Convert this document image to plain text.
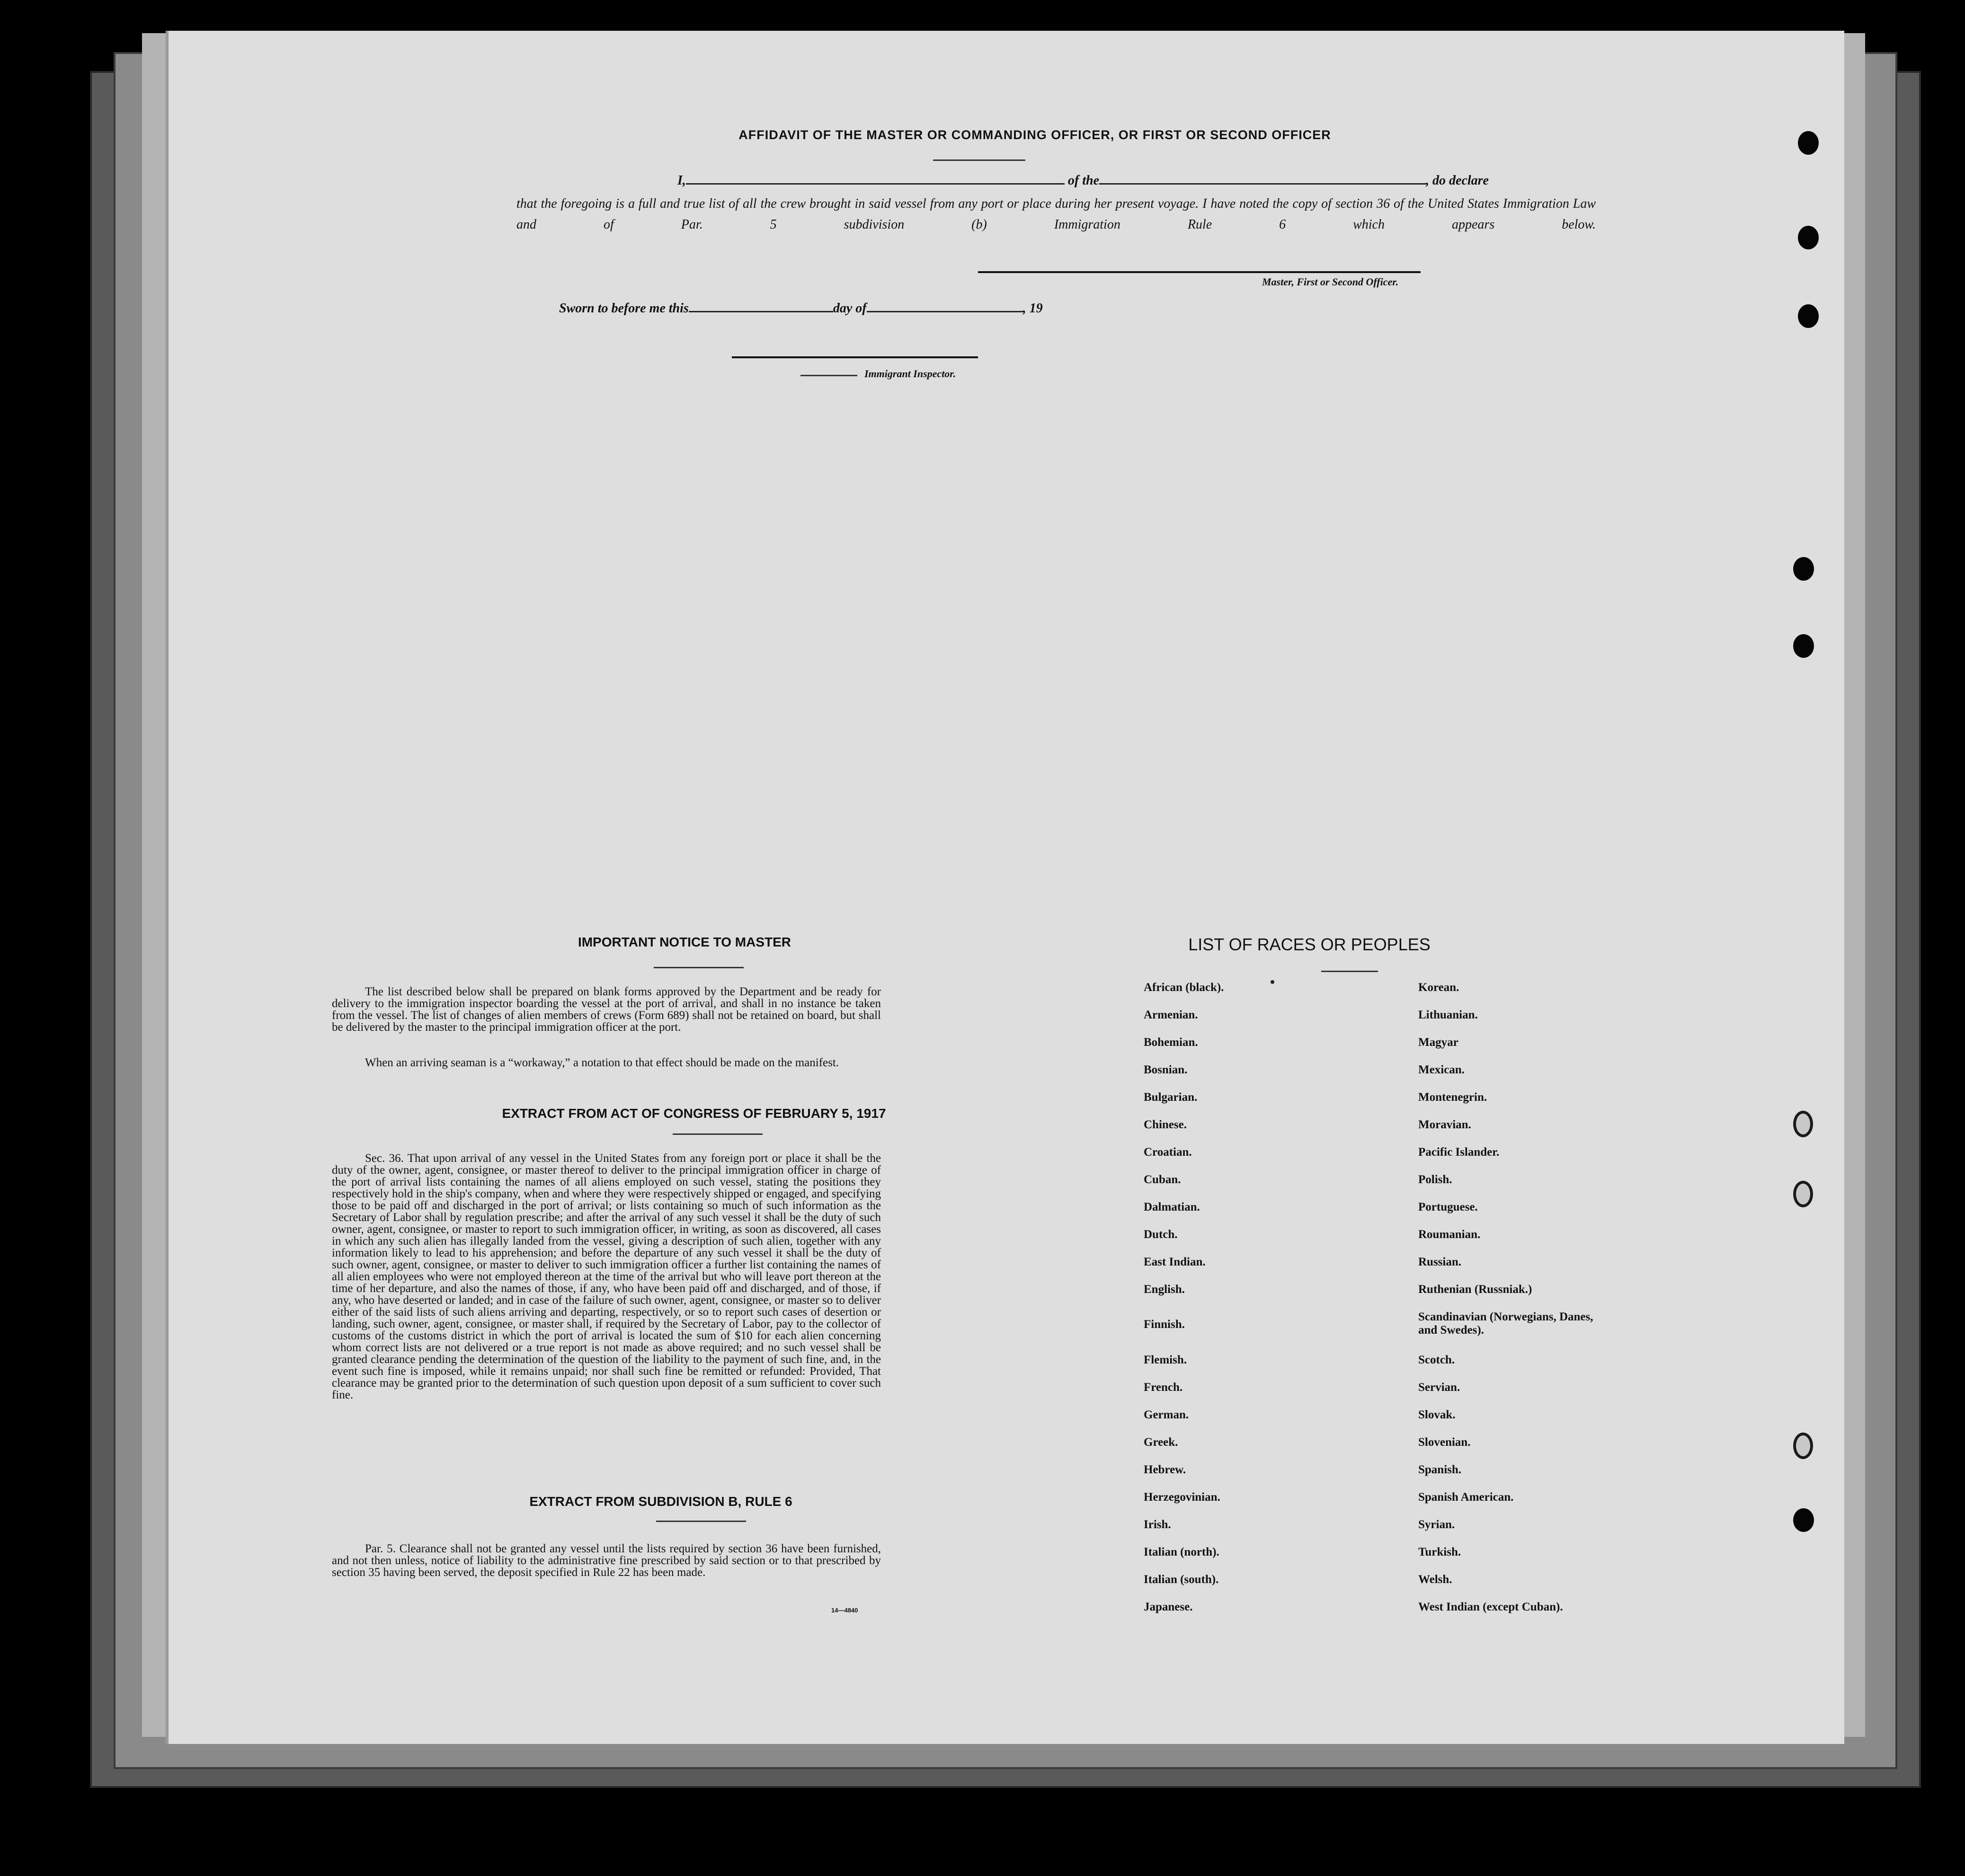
AFFIDAVIT OF THE MASTER OR COMMANDING OFFICER, OR FIRST OR SECOND OFFICER
I,	of the	, do declare
that the foregoing is a full and true list of all the crew brought in said vessel from any port or place during her present voyage. I have noted the copy of section 36 of the United States Immigration Law and of Par. 5 subdivision (b) Immigration Rule 6 which appears below.
Master, First or Second Officer.
Sworn to before me this	day of	, 19
Immigrant Inspector.
IMPORTANT NOTICE TO MASTER

The list described below shall be prepared on blank forms approved by the Department and be ready for delivery to the immigration inspector boarding the vessel at the port of arrival, and shall in no instance be taken from the vessel. The list of changes of alien members of crews (Form 689) shall not be retained on board, but shall be delivered by the master to the principal immigration officer at the port.

When an arriving seaman is a “workaway,” a notation to that effect should be made on the manifest.

EXTRACT FROM ACT OF CONGRESS OF FEBRUARY 5, 1917

Sec. 36. That upon arrival of any vessel in the United States from any foreign port or place it shall be the duty of the owner, agent, consignee, or master thereof to deliver to the principal immigration officer in charge of the port of arrival lists containing the names of all aliens employed on such vessel, stating the positions they respectively hold in the ship's company, when and where they were respectively shipped or engaged, and specifying those to be paid off and discharged in the port of arrival; or lists containing so much of such information as the Secretary of Labor shall by regulation prescribe; and after the arrival of any such vessel it shall be the duty of such owner, agent, consignee, or master to report to such immigration officer, in writing, as soon as discovered, all cases in which any such alien has illegally landed from the vessel, giving a description of such alien, together with any information likely to lead to his apprehension; and before the departure of any such vessel it shall be the duty of such owner, agent, consignee, or master to deliver to such immigration officer a further list containing the names of all alien employees who were not employed thereon at the time of the arrival but who will leave port thereon at the time of her departure, and also the names of those, if any, who have been paid off and discharged, and of those, if any, who have deserted or landed; and in case of the failure of such owner, agent, consignee, or master so to deliver either of the said lists of such aliens arriving and departing, respectively, or so to report such cases of desertion or landing, such owner, agent, consignee, or master shall, if required by the Secretary of Labor, pay to the collector of customs of the customs district in which the port of arrival is located the sum of $10 for each alien concerning whom correct lists are not delivered or a true report is not made as above required; and no such vessel shall be granted clearance pending the determination of the question of the liability to the payment of such fine, and, in the event such fine is imposed, while it remains unpaid; nor shall such fine be remitted or refunded: Provided, That clearance may be granted prior to the determination of such question upon deposit of a sum sufficient to cover such fine.

EXTRACT FROM SUBDIVISION B, RULE 6

Par. 5. Clearance shall not be granted any vessel until the lists required by section 36 have been furnished, and not then unless, notice of liability to the administrative fine prescribed by said section or to that prescribed by section 35 having been served, the deposit specified in Rule 22 has been made.

14—4840
LIST OF RACES OR PEOPLES
African (black).
Armenian.
Bohemian.
Bosnian.
Bulgarian.
Chinese.
Croatian.
Cuban.
Dalmatian.
Dutch.
East Indian.
English.
Finnish.
Flemish.
French.
German.
Greek.
Hebrew.
Herzegovinian.
Irish.
Italian (north).
Italian (south).
Japanese.
Korean.
Lithuanian.
Magyar
Mexican.
Montenegrin.
Moravian.
Pacific Islander.
Polish.
Portuguese.
Roumanian.
Russian.
Ruthenian (Russniak.)
Scandinavian (Norwegians, Danes, and Swedes).
Scotch.
Servian.
Slovak.
Slovenian.
Spanish.
Spanish American.
Syrian.
Turkish.
Welsh.
West Indian (except Cuban).
